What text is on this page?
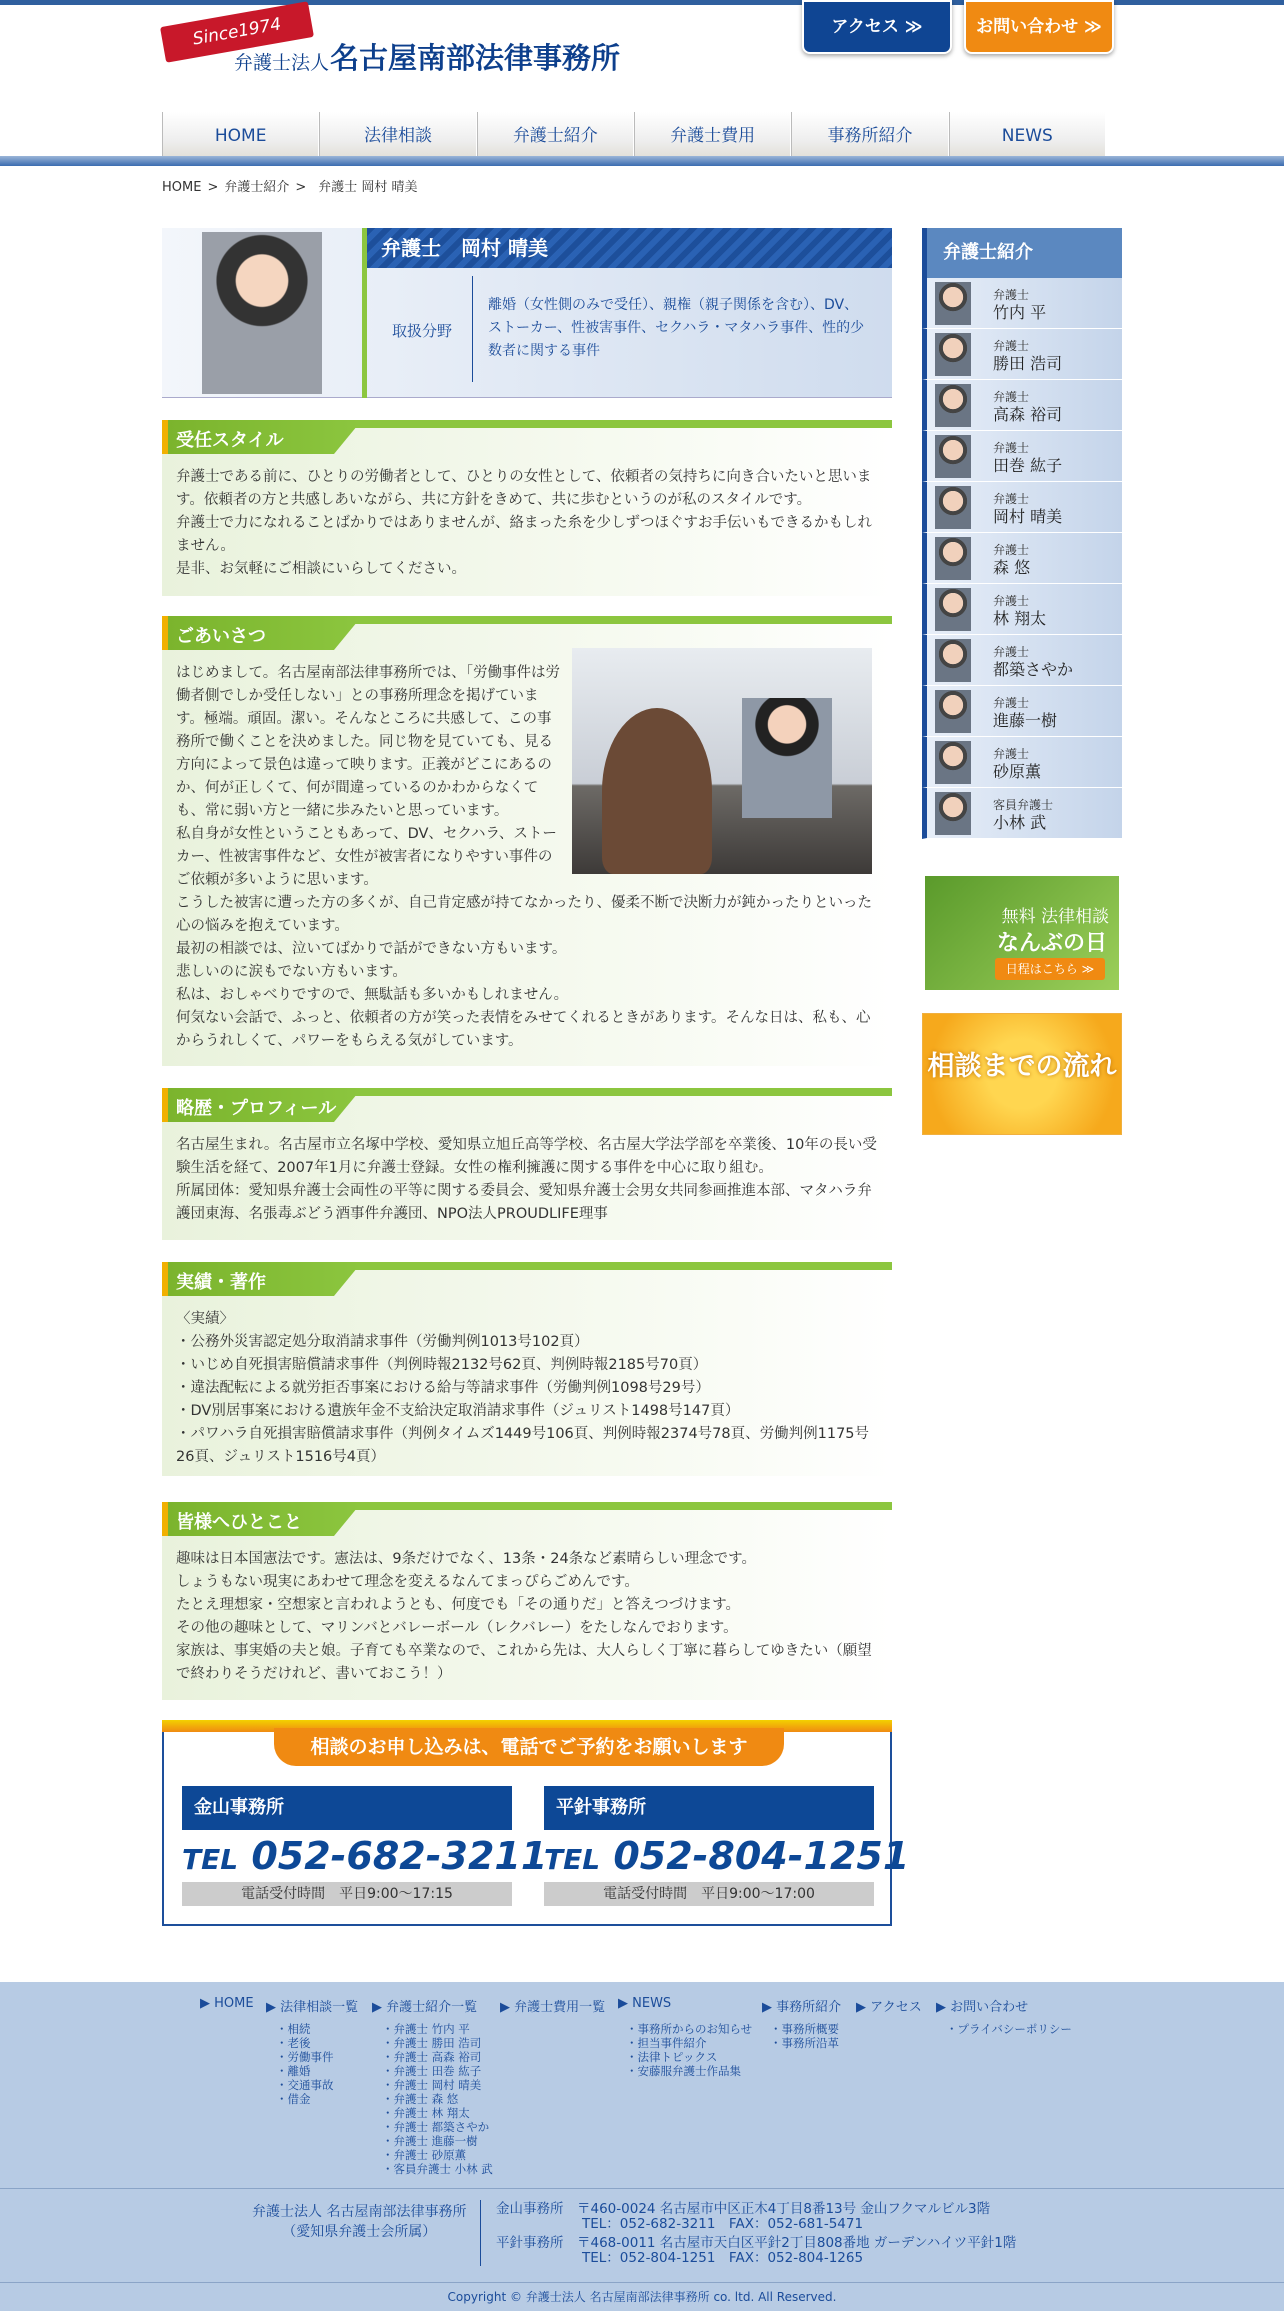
Since1974
弁護士法人 名古屋南部法律事務所
アクセス ≫	お問い合わせ ≫
HOME	法律相談	弁護士紹介	弁護士費用	事務所紹介	NEWS
HOME > 弁護士紹介 > 弁護士 岡村 晴美
弁護士　岡村 晴美
取扱分野
離婚（女性側のみで受任）、親権（親子関係を含む）、DV、ストーカー、性被害事件、セクハラ・マタハラ事件、性的少数者に関する事件
受任スタイル

弁護士である前に、ひとりの労働者として、ひとりの女性として、依頼者の気持ちに向き合いたいと思います。依頼者の方と共感しあいながら、共に方針をきめて、共に歩むというのが私のスタイルです。

弁護士で力になれることばかりではありませんが、絡まった糸を少しずつほぐすお手伝いもできるかもしれません。

是非、お気軽にご相談にいらしてください。

ごあいさつ

はじめまして。名古屋南部法律事務所では、「労働事件は労働者側でしか受任しない」との事務所理念を掲げています。極端。頑固。潔い。そんなところに共感して、この事務所で働くことを決めました。同じ物を見ていても、見る方向によって景色は違って映ります。正義がどこにあるのか、何が正しくて、何が間違っているのかわからなくても、常に弱い方と一緒に歩みたいと思っています。

私自身が女性ということもあって、DV、セクハラ、ストーカー、性被害事件など、女性が被害者になりやすい事件のご依頼が多いように思います。

こうした被害に遭った方の多くが、自己肯定感が持てなかったり、優柔不断で決断力が鈍かったりといった心の悩みを抱えています。

最初の相談では、泣いてばかりで話ができない方もいます。

悲しいのに涙もでない方もいます。

私は、おしゃべりですので、無駄話も多いかもしれません。

何気ない会話で、ふっと、依頼者の方が笑った表情をみせてくれるときがあります。そんな日は、私も、心からうれしくて、パワーをもらえる気がしています。

略歴・プロフィール

名古屋生まれ。名古屋市立名塚中学校、愛知県立旭丘高等学校、名古屋大学法学部を卒業後、10年の長い受験生活を経て、2007年1月に弁護士登録。女性の権利擁護に関する事件を中心に取り組む。

所属団体：愛知県弁護士会両性の平等に関する委員会、愛知県弁護士会男女共同参画推進本部、マタハラ弁護団東海、名張毒ぶどう酒事件弁護団、NPO法人PROUDLIFE理事

実績・著作

〈実績〉

・公務外災害認定処分取消請求事件（労働判例1013号102頁）

・いじめ自死損害賠償請求事件（判例時報2132号62頁、判例時報2185号70頁）

・違法配転による就労拒否事案における給与等請求事件（労働判例1098号29号）

・DV別居事案における遺族年金不支給決定取消請求事件（ジュリスト1498号147頁）

・パワハラ自死損害賠償請求事件（判例タイムズ1449号106頁、判例時報2374号78頁、労働判例1175号26頁、ジュリスト1516号4頁）

皆様へひとこと

趣味は日本国憲法です。憲法は、9条だけでなく、13条・24条など素晴らしい理念です。

しょうもない現実にあわせて理念を変えるなんてまっぴらごめんです。

たとえ理想家・空想家と言われようとも、何度でも「その通りだ」と答えつづけます。

その他の趣味として、マリンバとバレーボール（レクバレー）をたしなんでおります。

家族は、事実婚の夫と娘。子育ても卒業なので、これから先は、大人らしく丁寧に暮らしてゆきたい（願望で終わりそうだけれど、書いておこう！）

相談のお申し込みは、電話でご予約をお願いします
金山事務所
TEL 052-682-3211
電話受付時間　平日9:00～17:15
平針事務所
TEL 052-804-1251
電話受付時間　平日9:00～17:00
弁護士紹介
弁護士
竹内 平
弁護士
勝田 浩司
弁護士
高森 裕司
弁護士
田巻 紘子
弁護士
岡村 晴美
弁護士
森 悠
弁護士
林 翔太
弁護士
都築さやか
弁護士
進藤一樹
弁護士
砂原薫
客員弁護士
小林 武
無料 法律相談
なんぶの日
日程はこちら ≫
相談までの流れ
▶ HOME ▶ 法律相談一覧 ▶ 弁護士紹介一覧 ▶ 弁護士費用一覧 ▶ NEWS	▶ 事務所紹介 ▶ アクセス ▶ お問い合わせ
・相続
・老後
・労働事件
・離婚
・交通事故
・借金
・弁護士 竹内 平
・弁護士 勝田 浩司
・弁護士 高森 裕司
・弁護士 田巻 紘子
・弁護士 岡村 晴美
・弁護士 森 悠
・弁護士 林 翔太
・弁護士 都築さやか
・弁護士 進藤一樹
・弁護士 砂原薫
・客員弁護士 小林 武
・事務所からのお知らせ
・担当事件紹介
・法律トピックス
・安藤服弁護士作品集
・事務所概要
・事務所沿革
・プライバシーポリシー
弁護士法人 名古屋南部法律事務所
（愛知県弁護士会所属）
金山事務所　 〒460-0024 名古屋市中区正木4丁目8番13号 金山フクマルビル3階
TEL：052-682-3211　FAX：052-681-5471
平針事務所　 〒468-0011 名古屋市天白区平針2丁目808番地 ガーデンハイツ平針1階
TEL：052-804-1251　FAX：052-804-1265
Copyright © 弁護士法人 名古屋南部法律事務所 co. ltd. All Reserved.
